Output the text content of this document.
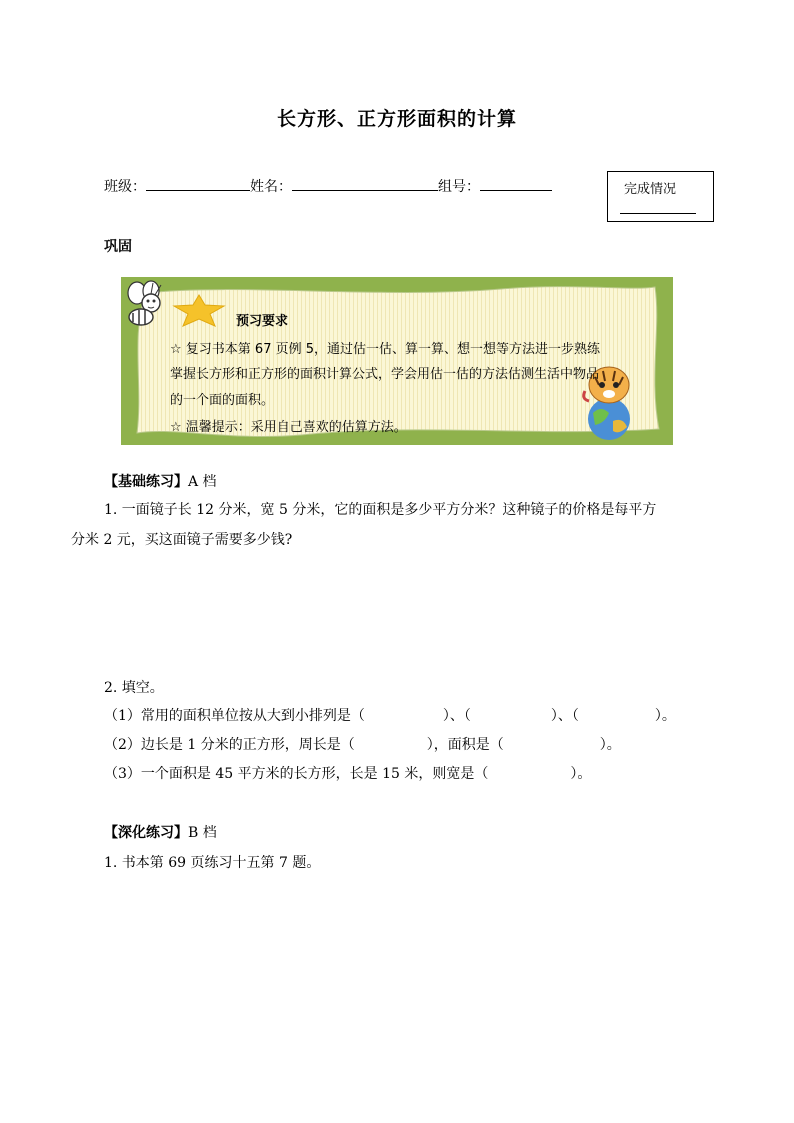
长方形、正方形面积的计算
班级：	姓名：	组号：	完成情况
巩固
预习要求
☆ 复习书本第 67 页例 5，通过估一估、算一算、想一想等方法进一步熟练
掌握长方形和正方形的面积计算公式，学会用估一估的方法估测生活中物品
的一个面的面积。
☆ 温馨提示：采用自己喜欢的估算方法。
【基础练习】A 档
1. 一面镜子长 12 分米，宽 5 分米，它的面积是多少平方分米？这种镜子的价格是每平方
分米 2 元，买这面镜子需要多少钱?
2. 填空。
（1）常用的面积单位按从大到小排列是（	）、（	）、（	）。
（2）边长是 1 分米的正方形，周长是（	），面积是（	）。
（3）一个面积是 45 平方米的长方形，长是 15 米，则宽是（	）。
【深化练习】B 档
1. 书本第 69 页练习十五第 7 题。
